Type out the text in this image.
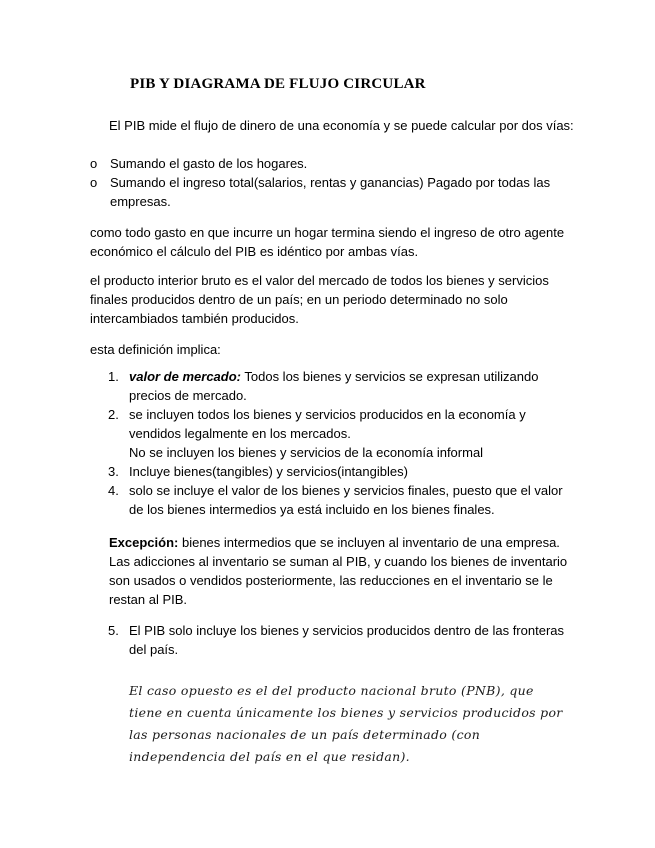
PIB Y DIAGRAMA DE FLUJO CIRCULAR
El PIB mide el flujo de dinero de una economía y se puede calcular por dos vías:
o Sumando el gasto de los hogares.
o Sumando el ingreso total(salarios, rentas y ganancias) Pagado por todas las empresas.
como todo gasto en que incurre un hogar termina siendo el ingreso de otro agente económico el cálculo del PIB es idéntico por ambas vías.
el producto interior bruto es el valor del mercado de todos los bienes y servicios finales producidos dentro de un país; en un periodo determinado no solo intercambiados también producidos.
esta definición implica:
1. valor de mercado: Todos los bienes y servicios se expresan utilizando precios de mercado.
2. se incluyen todos los bienes y servicios producidos en la economía y vendidos legalmente en los mercados.
No se incluyen los bienes y servicios de la economía informal
3. Incluye bienes(tangibles) y servicios(intangibles)
4. solo se incluye el valor de los bienes y servicios finales, puesto que el valor de los bienes intermedios ya está incluido en los bienes finales.
Excepción: bienes intermedios que se incluyen al inventario de una empresa. Las adicciones al inventario se suman al PIB, y cuando los bienes de inventario son usados o vendidos posteriormente, las reducciones en el inventario se le restan al PIB.
5. El PIB solo incluye los bienes y servicios producidos dentro de las fronteras del país.
El caso opuesto es el del producto nacional bruto (PNB), que tiene en cuenta únicamente los bienes y servicios producidos por las personas nacionales de un país determinado (con independencia del país en el que residan).
